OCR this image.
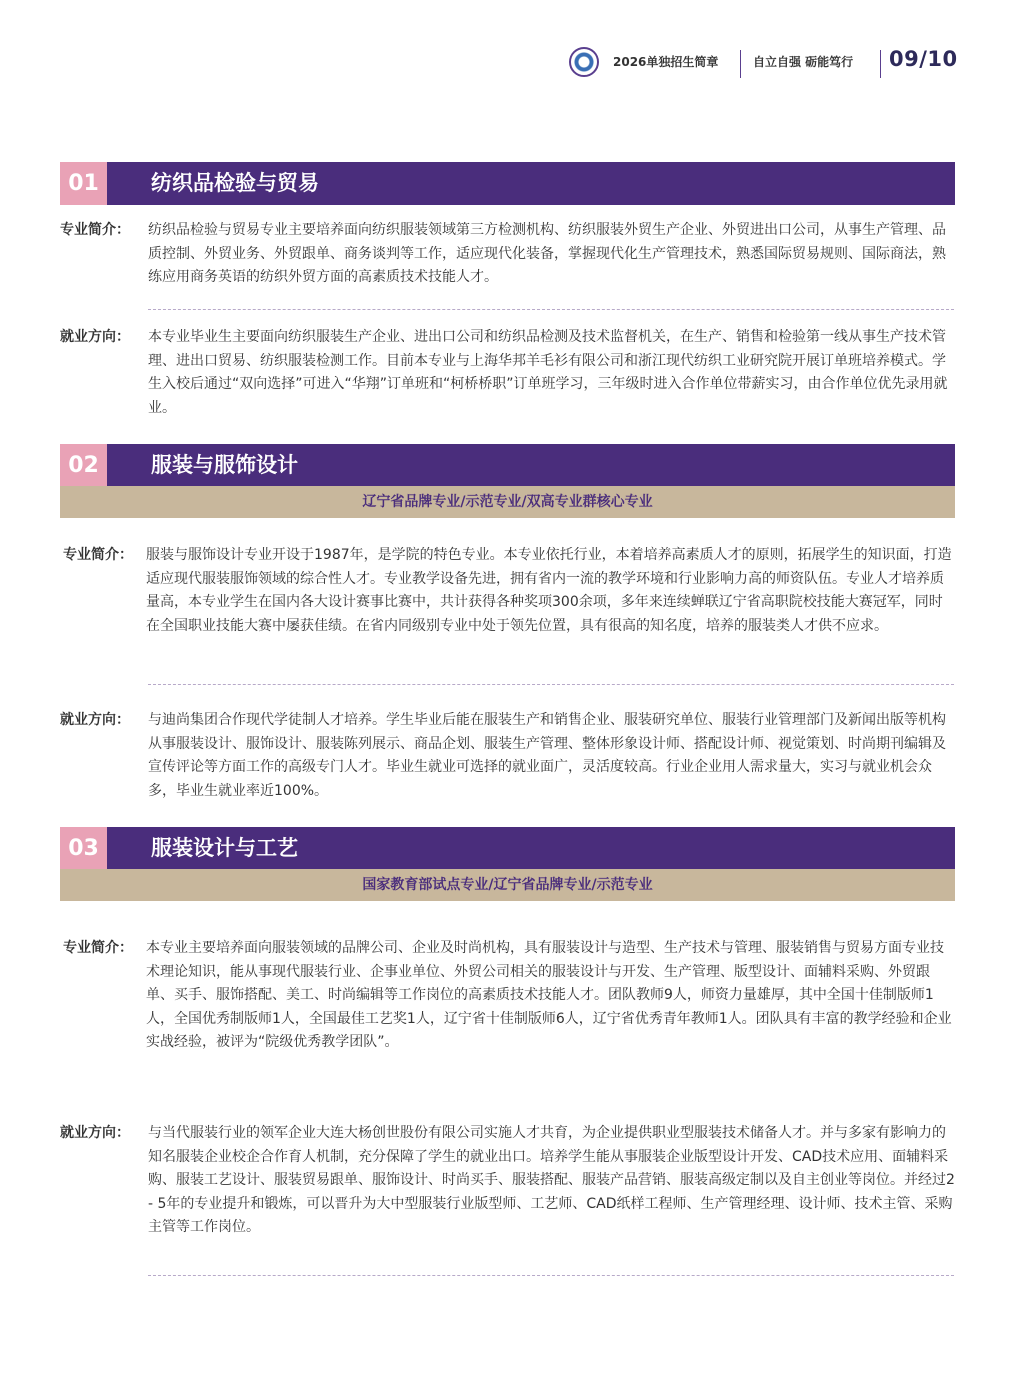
2026单独招生简章	自立自强 砺能笃行 09/10
01	纺织品检验与贸易
专业简介： 纺织品检验与贸易专业主要培养面向纺织服装领域第三方检测机构、纺织服装外贸生产企业、外贸进出口公司，从事生产管理、品质控制、外贸业务、外贸跟单、商务谈判等工作，适应现代化装备，掌握现代化生产管理技术，熟悉国际贸易规则、国际商法，熟练应用商务英语的纺织外贸方面的高素质技术技能人才。

就业方向： 本专业毕业生主要面向纺织服装生产企业、进出口公司和纺织品检测及技术监督机关，在生产、销售和检验第一线从事生产技术管理、进出口贸易、纺织服装检测工作。目前本专业与上海华邦羊毛衫有限公司和浙江现代纺织工业研究院开展订单班培养模式。学生入校后通过“双向选择”可进入“华翔”订单班和“柯桥桥职”订单班学习，三年级时进入合作单位带薪实习，由合作单位优先录用就业。

02	服装与服饰设计
辽宁省品牌专业/示范专业/双高专业群核心专业
专业简介： 服装与服饰设计专业开设于1987年，是学院的特色专业。本专业依托行业，本着培养高素质人才的原则，拓展学生的知识面，打造适应现代服装服饰领域的综合性人才。专业教学设备先进，拥有省内一流的教学环境和行业影响力高的师资队伍。专业人才培养质量高，本专业学生在国内各大设计赛事比赛中，共计获得各种奖项300余项，多年来连续蝉联辽宁省高职院校技能大赛冠军，同时在全国职业技能大赛中屡获佳绩。在省内同级别专业中处于领先位置，具有很高的知名度，培养的服装类人才供不应求。

就业方向： 与迪尚集团合作现代学徒制人才培养。学生毕业后能在服装生产和销售企业、服装研究单位、服装行业管理部门及新闻出版等机构从事服装设计、服饰设计、服装陈列展示、商品企划、服装生产管理、整体形象设计师、搭配设计师、视觉策划、时尚期刊编辑及宣传评论等方面工作的高级专门人才。毕业生就业可选择的就业面广，灵活度较高。行业企业用人需求量大，实习与就业机会众多，毕业生就业率近100%。

03	服装设计与工艺
国家教育部试点专业/辽宁省品牌专业/示范专业
专业简介： 本专业主要培养面向服装领域的品牌公司、企业及时尚机构，具有服装设计与造型、生产技术与管理、服装销售与贸易方面专业技术理论知识，能从事现代服装行业、企事业单位、外贸公司相关的服装设计与开发、生产管理、版型设计、面辅料采购、外贸跟单、买手、服饰搭配、美工、时尚编辑等工作岗位的高素质技术技能人才。团队教师9人，师资力量雄厚，其中全国十佳制版师1人，全国优秀制版师1人，全国最佳工艺奖1人，辽宁省十佳制版师6人，辽宁省优秀青年教师1人。团队具有丰富的教学经验和企业实战经验，被评为“院级优秀教学团队”。

就业方向： 与当代服装行业的领军企业大连大杨创世股份有限公司实施人才共育，为企业提供职业型服装技术储备人才。并与多家有影响力的知名服装企业校企合作育人机制，充分保障了学生的就业出口。培养学生能从事服装企业版型设计开发、CAD技术应用、面辅料采购、服装工艺设计、服装贸易跟单、服饰设计、时尚买手、服装搭配、服装产品营销、服装高级定制以及自主创业等岗位。并经过2 - 5年的专业提升和锻炼，可以晋升为大中型服装行业版型师、工艺师、CAD纸样工程师、生产管理经理、设计师、技术主管、采购主管等工作岗位。
